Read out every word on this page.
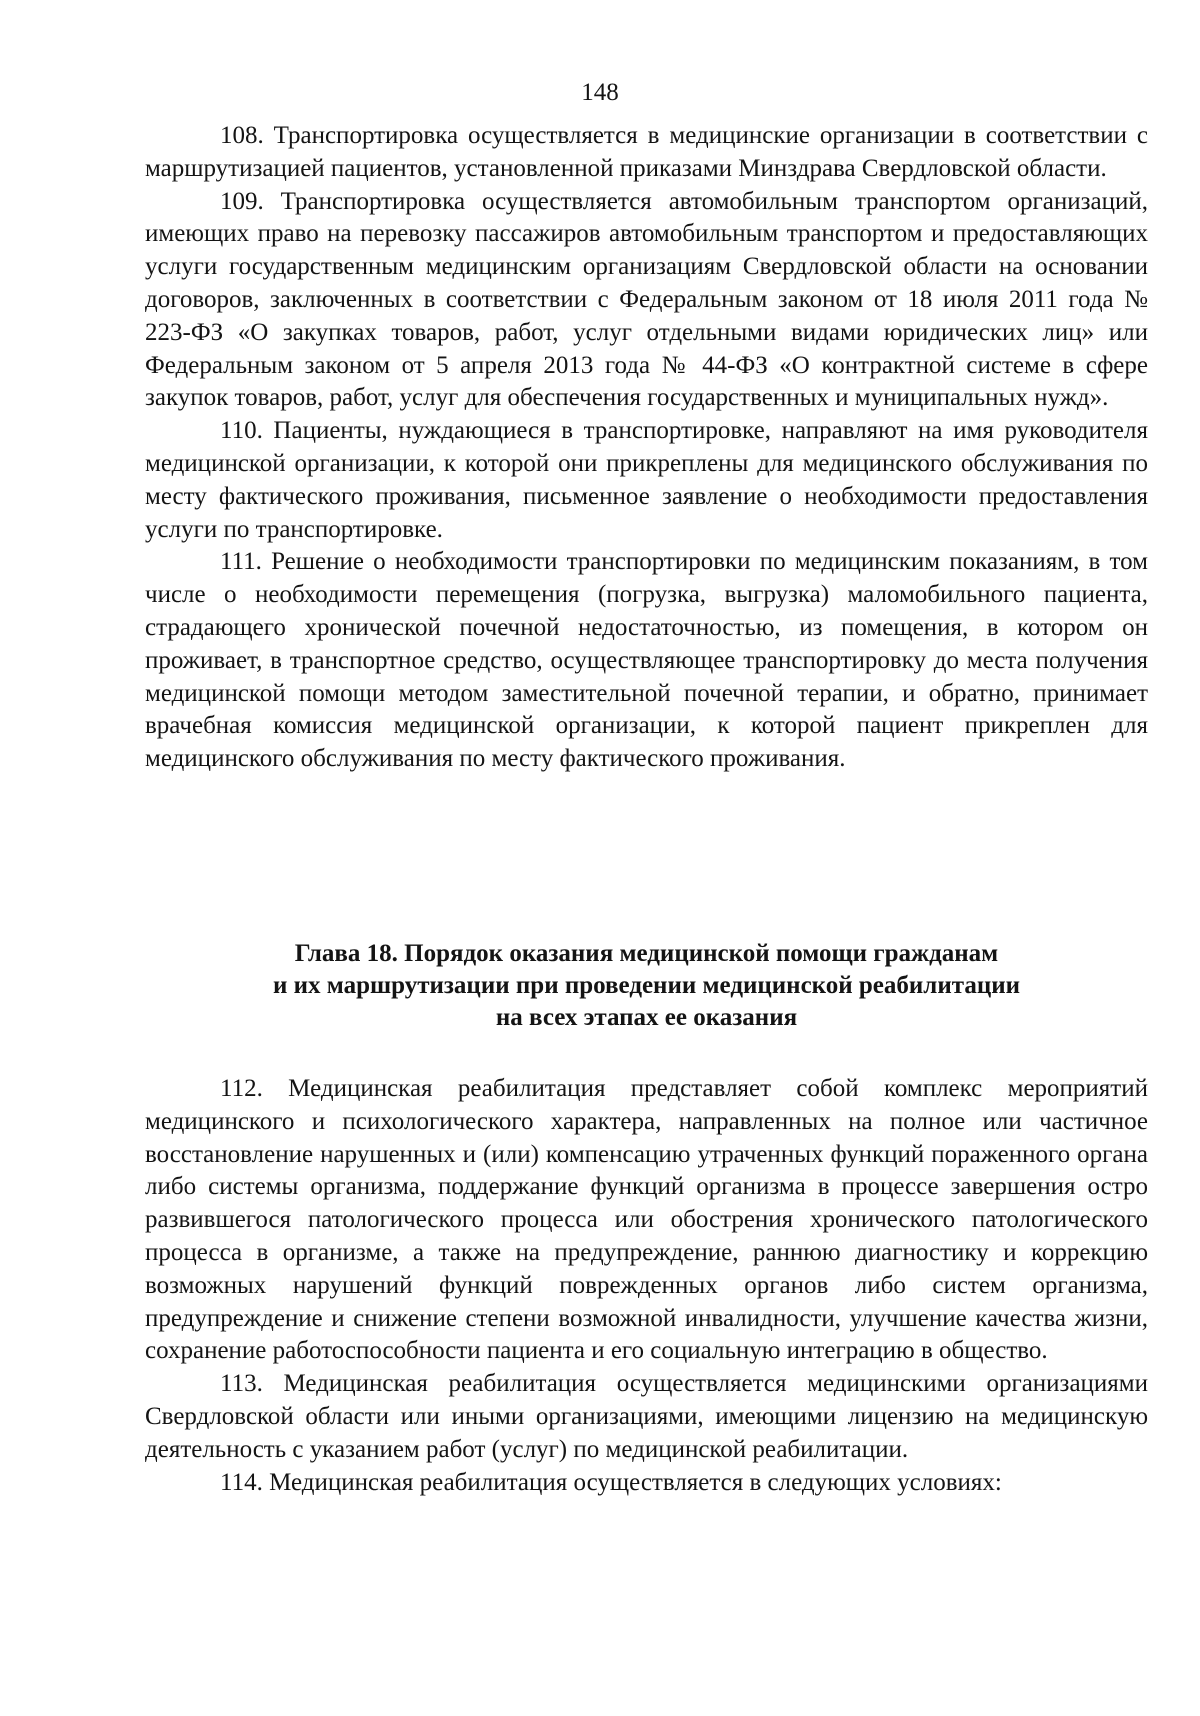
148

108. Транспортировка осуществляется в медицинские организации в соответствии с маршрутизацией пациентов, установленной приказами Минздрава Свердловской области.

109. Транспортировка осуществляется автомобильным транспортом организаций, имеющих право на перевозку пассажиров автомобильным транспортом и предоставляющих услуги государственным медицинским организациям Свердловской области на основании договоров, заключенных в соответствии с Федеральным законом от 18 июля 2011 года № 223-ФЗ «О закупках товаров, работ, услуг отдельными видами юридических лиц» или Федеральным законом от 5 апреля 2013 года № 44-ФЗ «О контрактной системе в сфере закупок товаров, работ, услуг для обеспечения государственных и муниципальных нужд».

110. Пациенты, нуждающиеся в транспортировке, направляют на имя руководителя медицинской организации, к которой они прикреплены для медицинского обслуживания по месту фактического проживания, письменное заявление о необходимости предоставления услуги по транспортировке.

111. Решение о необходимости транспортировки по медицинским показаниям, в том числе о необходимости перемещения (погрузка, выгрузка) маломобильного пациента, страдающего хронической почечной недостаточностью, из помещения, в котором он проживает, в транспортное средство, осуществляющее транспортировку до места получения медицинской помощи методом заместительной почечной терапии, и обратно, принимает врачебная комиссия медицинской организации, к которой пациент прикреплен для медицинского обслуживания по месту фактического проживания.

Глава 18. Порядок оказания медицинской помощи гражданам
и их маршрутизации при проведении медицинской реабилитации
на всех этапах ее оказания

112. Медицинская реабилитация представляет собой комплекс мероприятий медицинского и психологического характера, направленных на полное или частичное восстановление нарушенных и (или) компенсацию утраченных функций пораженного органа либо системы организма, поддержание функций организма в процессе завершения остро развившегося патологического процесса или обострения хронического патологического процесса в организме, а также на предупреждение, раннюю диагностику и коррекцию возможных нарушений функций поврежденных органов либо систем организма, предупреждение и снижение степени возможной инвалидности, улучшение качества жизни, сохранение работоспособности пациента и его социальную интеграцию в общество.

113. Медицинская реабилитация осуществляется медицинскими организациями Свердловской области или иными организациями, имеющими лицензию на медицинскую деятельность с указанием работ (услуг) по медицинской реабилитации.

114. Медицинская реабилитация осуществляется в следующих условиях:
